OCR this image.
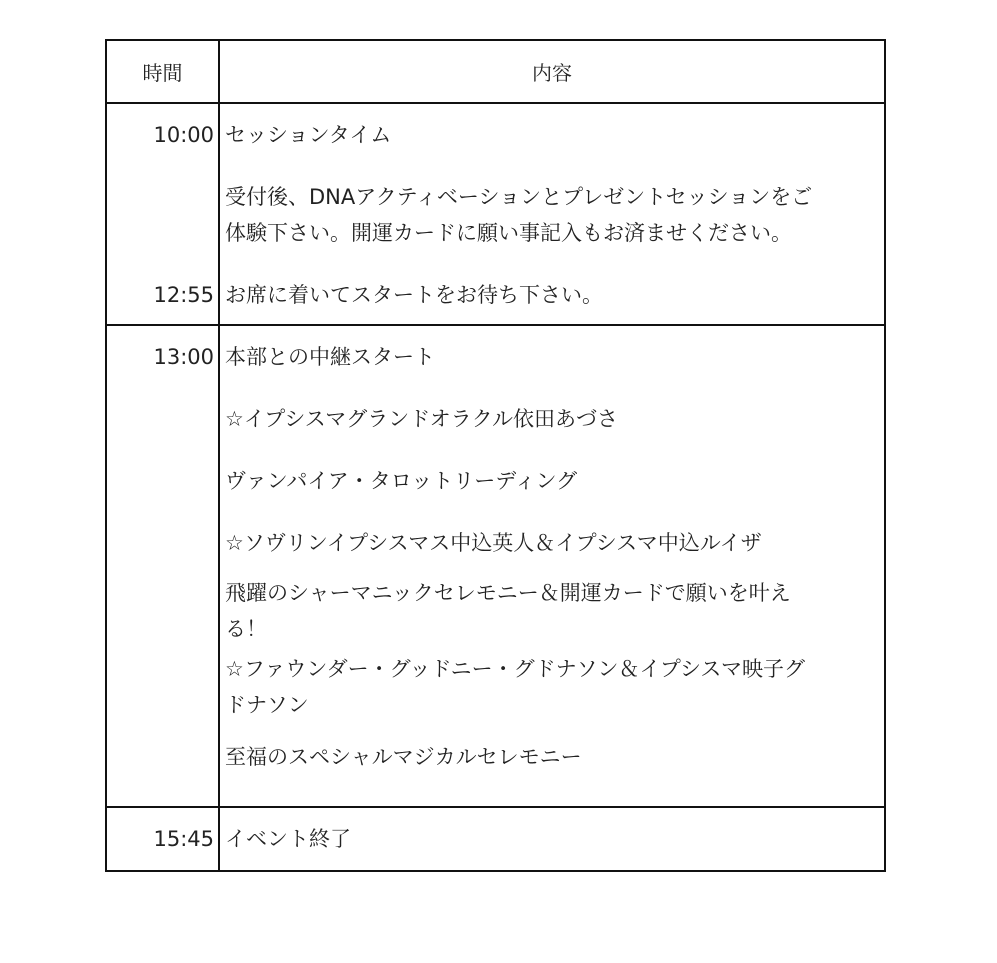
時間	内容
10:00
12:55
セッションタイム
受付後、DNAアクティベーションとプレゼントセッションをご
体験下さい。開運カードに願い事記入もお済ませください。
お席に着いてスタートをお待ち下さい。
13:00 本部との中継スタート
☆イプシスマグランドオラクル依田あづさ
ヴァンパイア・タロットリーディング
☆ソヴリンイプシスマス中込英人＆イプシスマ中込ルイザ
飛躍のシャーマニックセレモニー＆開運カードで願いを叶え
る！
☆ファウンダー・グッドニー・グドナソン＆イプシスマ映子グ
ドナソン
至福のスペシャルマジカルセレモニー
15:45 イベント終了
